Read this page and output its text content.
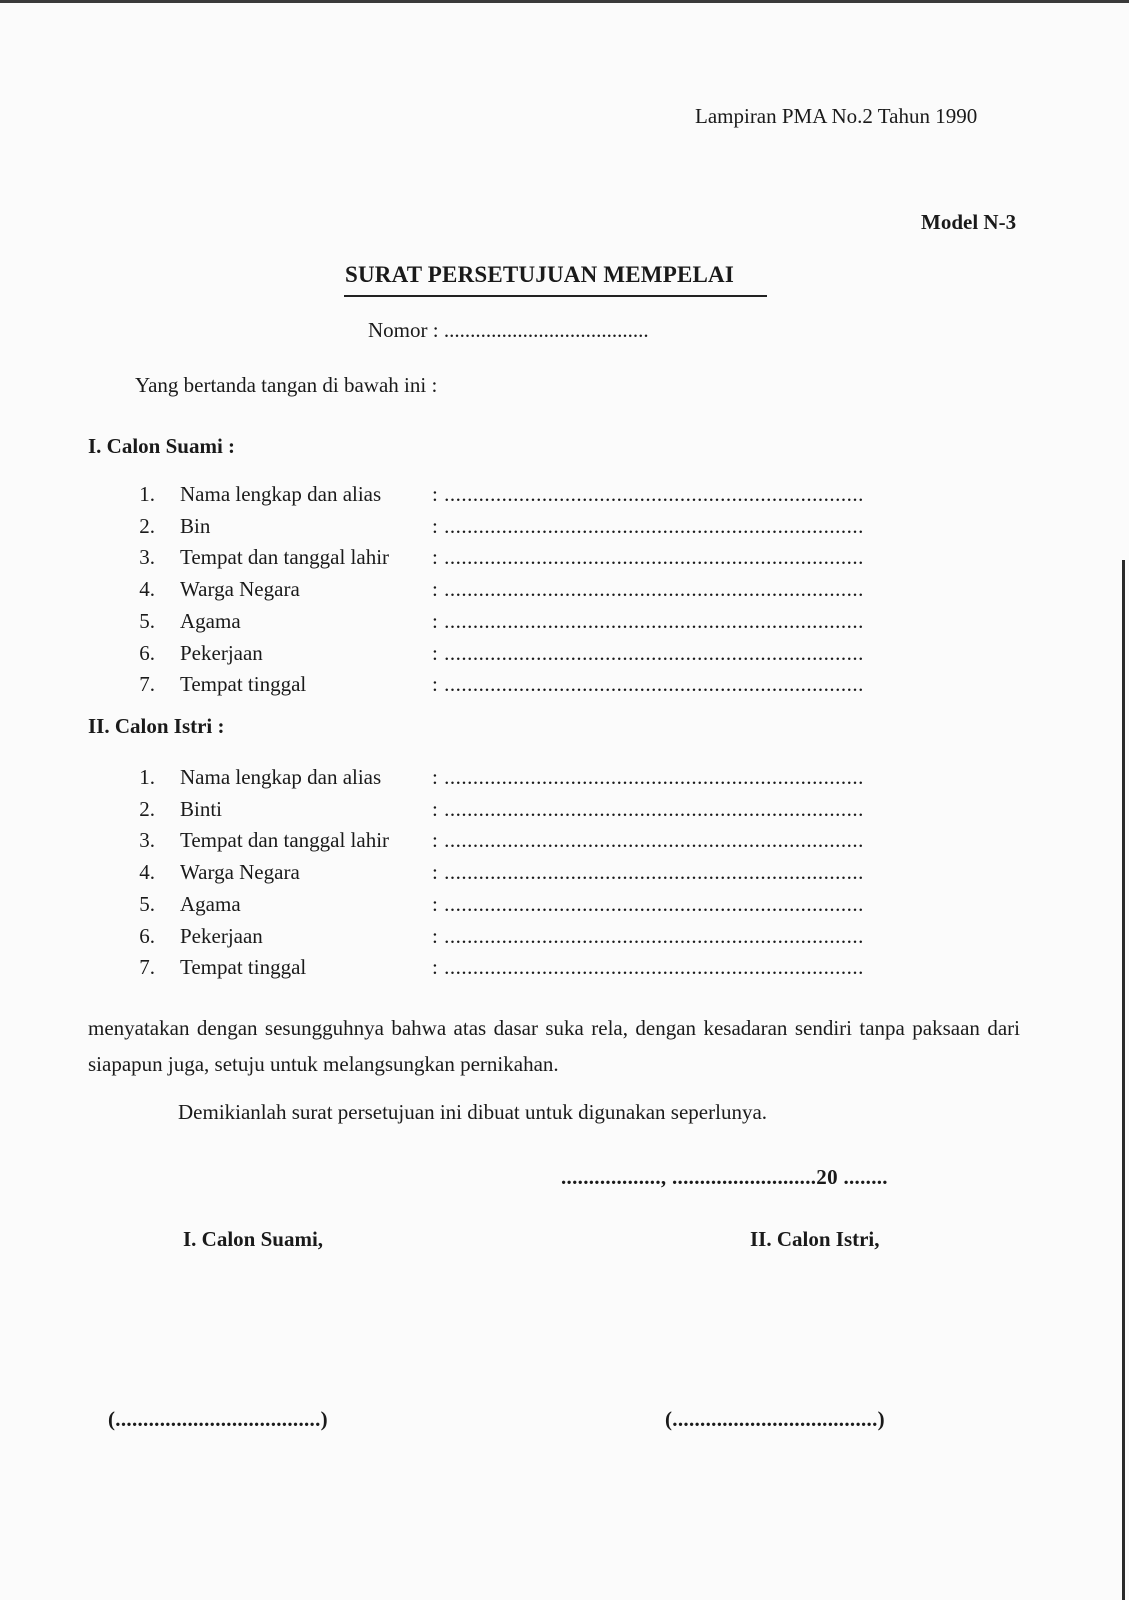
Lampiran PMA No.2 Tahun 1990
Model N-3
SURAT PERSETUJUAN MEMPELAI
Nomor : .......................................
Yang bertanda tangan di bawah ini :
I. Calon Suami :
1. Nama lengkap dan alias : .........................................................................
2. Bin	: .........................................................................
3. Tempat dan tanggal lahir : .........................................................................
4. Warga Negara	: .........................................................................
5. Agama	: .........................................................................
6. Pekerjaan	: .........................................................................
7. Tempat tinggal	: .........................................................................
II. Calon Istri :
1. Nama lengkap dan alias : .........................................................................
2. Binti	: .........................................................................
3. Tempat dan tanggal lahir : .........................................................................
4. Warga Negara	: .........................................................................
5. Agama	: .........................................................................
6. Pekerjaan	: .........................................................................
7. Tempat tinggal	: .........................................................................
menyatakan dengan sesungguhnya bahwa atas dasar suka rela, dengan kesadaran sendiri tanpa paksaan dari siapapun juga, setuju untuk melangsungkan pernikahan.
Demikianlah surat persetujuan ini dibuat untuk digunakan seperlunya.
.................., ..........................20 ........
I. Calon Suami,	II. Calon Istri,
(.....................................)	(.....................................)
